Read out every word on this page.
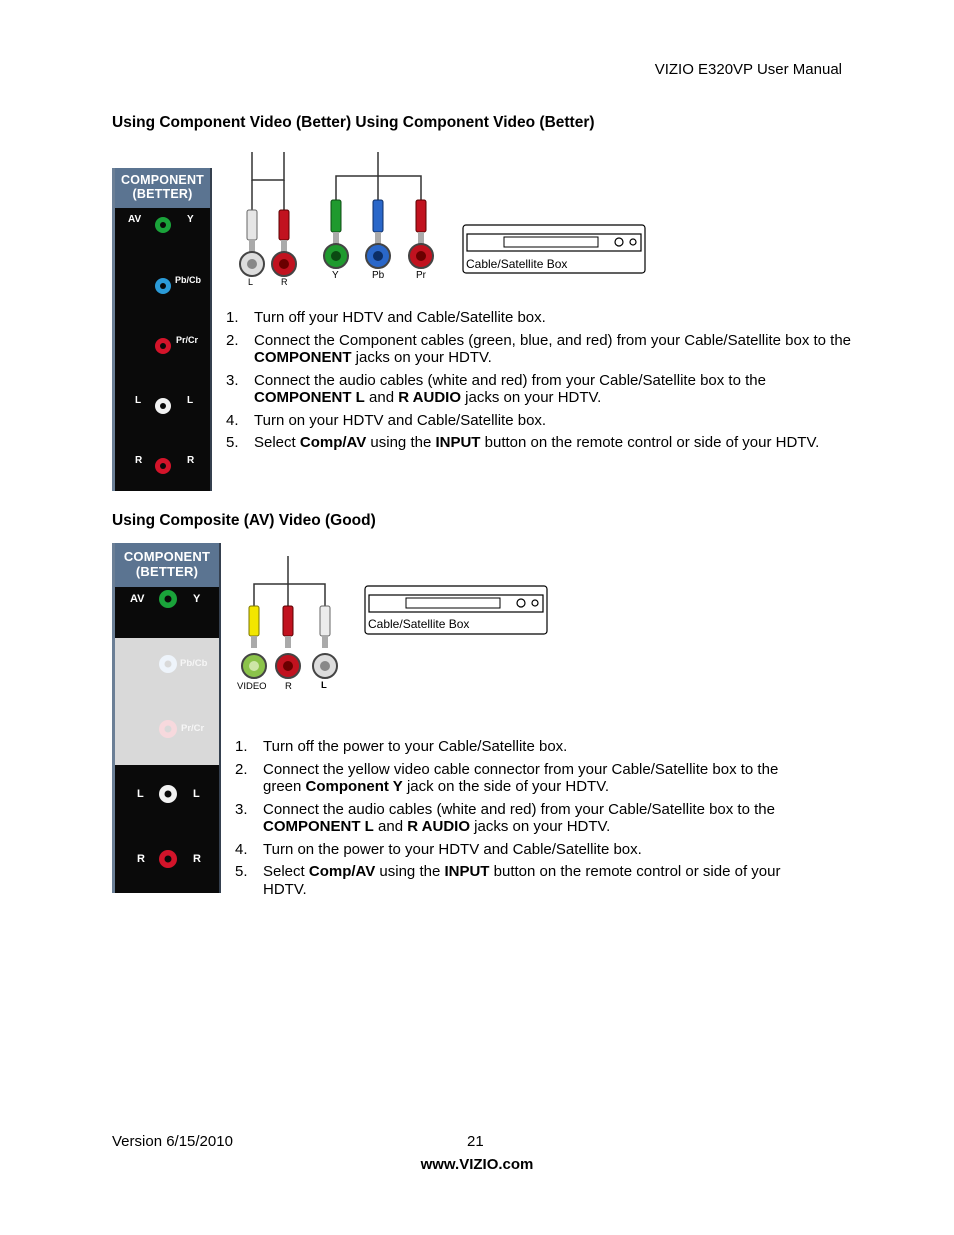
VIZIO E320VP User Manual
Using Component Video (Better) Using Component Video (Better)
COMPONENT
(BETTER)
AV	Y
Pb/Cb
Pr/Cr
L	L
R	R
L	R
Y	Pb	Pr
Cable/Satellite Box
1. Turn off your HDTV and Cable/Satellite box.
2. Connect the Component cables (green, blue, and red) from your Cable/Satellite box to the COMPONENT jacks on your HDTV.
3. Connect the audio cables (white and red) from your Cable/Satellite box to the COMPONENT L and R AUDIO jacks on your HDTV.
4. Turn on your HDTV and Cable/Satellite box.
5. Select Comp/AV using the INPUT button on the remote control or side of your HDTV.
Using Composite (AV) Video (Good)
COMPONENT
(BETTER)
AV	Y
Pb/Cb
Pr/Cr
L	L
R	R
VIDEO R	L
Cable/Satellite Box
1. Turn off the power to your Cable/Satellite box.
2. Connect the yellow video cable connector from your Cable/Satellite box to the green Component Y jack on the side of your HDTV.
3. Connect the audio cables (white and red) from your Cable/Satellite box to the COMPONENT L and R AUDIO jacks on your HDTV.
4. Turn on the power to your HDTV and Cable/Satellite box.
5. Select Comp/AV using the INPUT button on the remote control or side of your HDTV.
Version 6/15/2010	21
www.VIZIO.com
